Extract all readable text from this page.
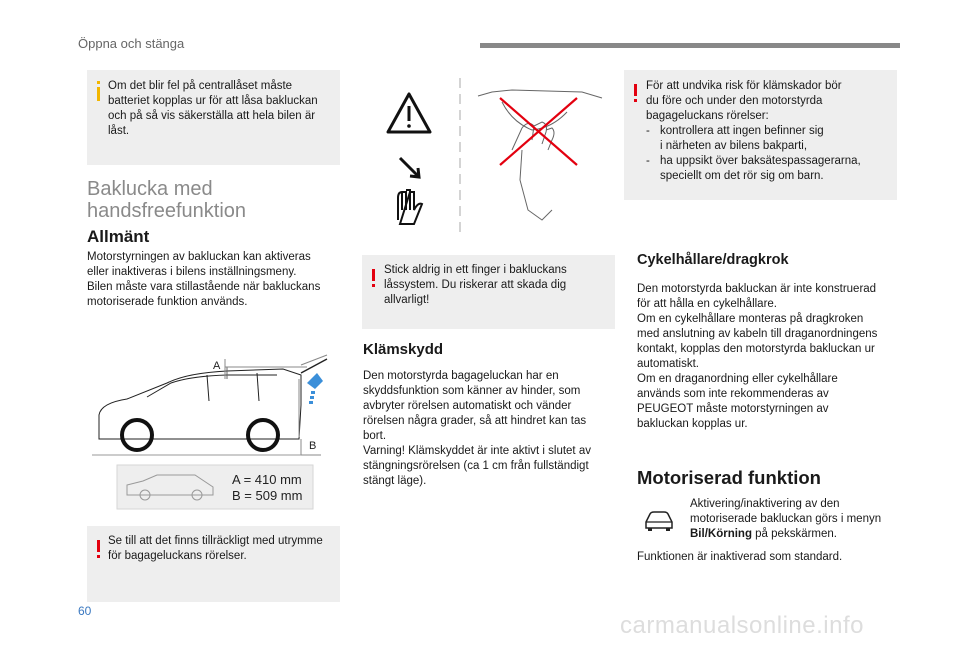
Öppna och stänga

Om det blir fel på centrallåset måste

batteriet kopplas ur för att låsa bakluckan

och på så vis säkerställa att hela bilen är

låst.

Baklucka med

handsfreefunktion

Allmänt

Motorstyrningen av bakluckan kan aktiveras

eller inaktiveras i bilens inställningsmeny.

Bilen måste vara stillastående när bakluckans

motoriserade funktion används.

A
B
A = 410 mm
B = 509 mm

Se till att det finns tillräckligt med utrymme

för bagageluckans rörelser.

Stick aldrig in ett finger i bakluckans

låssystem. Du riskerar att skada dig

allvarligt!

Klämskydd

Den motorstyrda bagageluckan har en

skyddsfunktion som känner av hinder, som

avbryter rörelsen automatiskt och vänder

rörelsen några grader, så att hindret kan tas

bort.

Varning! Klämskyddet är inte aktivt i slutet av

stängningsrörelsen (ca 1 cm från fullständigt

stängt läge).

För att undvika risk för klämskador bör

du före och under den motorstyrda

bagageluckans rörelser:

- kontrollera att ingen befinner sig
i närheten av bilens bakparti,
- ha uppsikt över baksätespassagerarna,
speciellt om det rör sig om barn.

Cykelhållare/dragkrok

Den motorstyrda bakluckan är inte konstruerad

för att hålla en cykelhållare.

Om en cykelhållare monteras på dragkroken

med anslutning av kabeln till draganordningens

kontakt, kopplas den motorstyrda bakluckan ur

automatiskt.

Om en draganordning eller cykelhållare

används som inte rekommenderas av

PEUGEOT måste motorstyrningen av

bakluckan kopplas ur.

Motoriserad funktion

Aktivering/inaktivering av den

motoriserade bakluckan görs i menyn

Bil/Körning på pekskärmen.

Funktionen är inaktiverad som standard.

60
carmanualsonline.info
